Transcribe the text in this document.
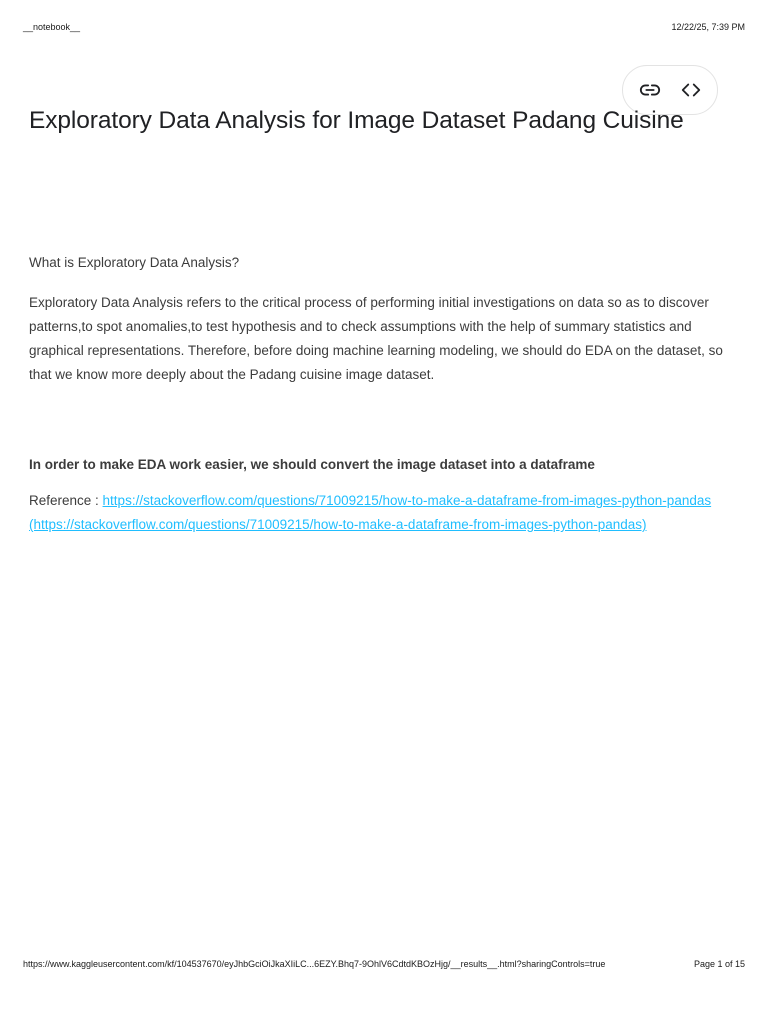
__notebook__	12/22/25, 7:39 PM
Exploratory Data Analysis for Image Dataset Padang Cuisine

What is Exploratory Data Analysis?

Exploratory Data Analysis refers to the critical process of performing initial investigations on data so as to discover patterns,to spot anomalies,to test hypothesis and to check assumptions with the help of summary statistics and graphical representations. Therefore, before doing machine learning modeling, we should do EDA on the dataset, so that we know more deeply about the Padang cuisine image dataset.

In order to make EDA work easier, we should convert the image dataset into a dataframe

Reference : https://stackoverflow.com/questions/71009215/how-to-make-a-dataframe-from-images-python-pandas (https://stackoverflow.com/questions/71009215/how-to-make-a-dataframe-from-images-python-pandas)

https://www.kaggleusercontent.com/kf/104537670/eyJhbGciOiJkaXIiLC...6EZY.Bhq7-9OhlV6CdtdKBOzHjg/__results__.html?sharingControls=true	Page 1 of 15
